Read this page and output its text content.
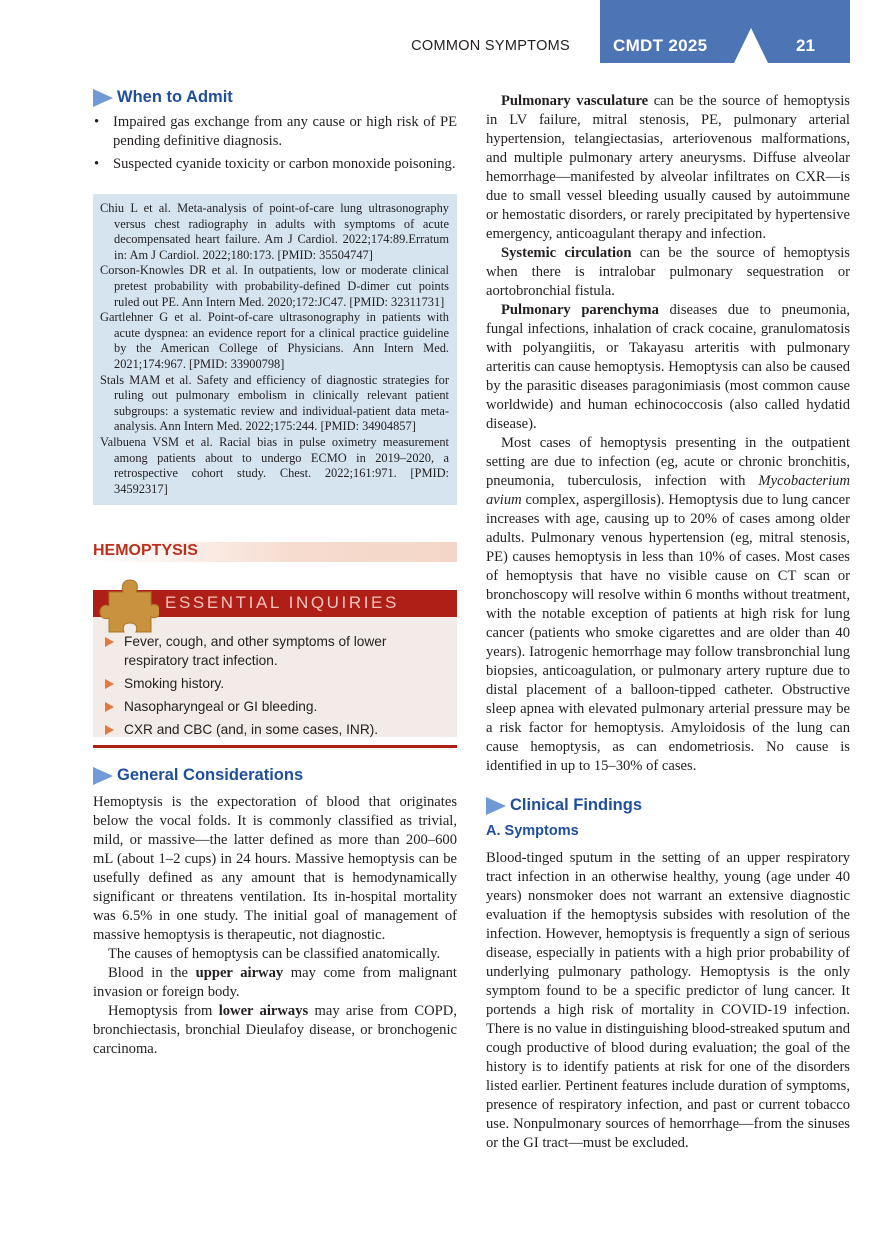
COMMON SYMPTOMS	CMDT 2025	21
When to Admit
• Impaired gas exchange from any cause or high risk of PE pending definitive diagnosis.
• Suspected cyanide toxicity or carbon monoxide poisoning.
Chiu L et al. Meta-analysis of point-of-care lung ultrasonography versus chest radiography in adults with symptoms of acute decompensated heart failure. Am J Cardiol. 2022;174:89.Erratum in: Am J Cardiol. 2022;180:173. [PMID: 35504747]
Corson-Knowles DR et al. In outpatients, low or moderate clinical pretest probability with probability-defined D-dimer cut points ruled out PE. Ann Intern Med. 2020;172:JC47. [PMID: 32311731]
Gartlehner G et al. Point-of-care ultrasonography in patients with acute dyspnea: an evidence report for a clinical practice guideline by the American College of Physicians. Ann Intern Med. 2021;174:967. [PMID: 33900798]
Stals MAM et al. Safety and efficiency of diagnostic strategies for ruling out pulmonary embolism in clinically relevant patient subgroups: a systematic review and individual-patient data meta-analysis. Ann Intern Med. 2022;175:244. [PMID: 34904857]
Valbuena VSM et al. Racial bias in pulse oximetry measurement among patients about to undergo ECMO in 2019–2020, a retrospective cohort study. Chest. 2022;161:971. [PMID: 34592317]
HEMOPTYSIS
ESSENTIAL INQUIRIES
Fever, cough, and other symptoms of lower respiratory tract infection.
Smoking history.
Nasopharyngeal or GI bleeding.
CXR and CBC (and, in some cases, INR).
General Considerations

Hemoptysis is the expectoration of blood that originates below the vocal folds. It is commonly classified as trivial, mild, or massive—the latter defined as more than 200–600 mL (about 1–2 cups) in 24 hours. Massive hemoptysis can be usefully defined as any amount that is hemodynamically significant or threatens ventilation. Its in-hospital mortality was 6.5% in one study. The initial goal of management of massive hemoptysis is therapeutic, not diagnostic.

The causes of hemoptysis can be classified anatomically.

Blood in the upper airway may come from malignant invasion or foreign body.

Hemoptysis from lower airways may arise from COPD, bronchiectasis, bronchial Dieulafoy disease, or bronchogenic carcinoma.

Pulmonary vasculature can be the source of hemoptysis in LV failure, mitral stenosis, PE, pulmonary arterial hypertension, telangiectasias, arteriovenous malformations, and multiple pulmonary artery aneurysms. Diffuse alveolar hemorrhage—manifested by alveolar infiltrates on CXR—is due to small vessel bleeding usually caused by autoimmune or hemostatic disorders, or rarely precipitated by hypertensive emergency, anticoagulant therapy and infection.

Systemic circulation can be the source of hemoptysis when there is intralobar pulmonary sequestration or aortobronchial fistula.

Pulmonary parenchyma diseases due to pneumonia, fungal infections, inhalation of crack cocaine, granulomatosis with polyangiitis, or Takayasu arteritis with pulmonary arteritis can cause hemoptysis. Hemoptysis can also be caused by the parasitic diseases paragonimiasis (most common cause worldwide) and human echinococcosis (also called hydatid disease).

Most cases of hemoptysis presenting in the outpatient setting are due to infection (eg, acute or chronic bronchitis, pneumonia, tuberculosis, infection with Mycobacterium avium complex, aspergillosis). Hemoptysis due to lung cancer increases with age, causing up to 20% of cases among older adults. Pulmonary venous hypertension (eg, mitral stenosis, PE) causes hemoptysis in less than 10% of cases. Most cases of hemoptysis that have no visible cause on CT scan or bronchoscopy will resolve within 6 months without treatment, with the notable exception of patients at high risk for lung cancer (patients who smoke cigarettes and are older than 40 years). Iatrogenic hemorrhage may follow transbronchial lung biopsies, anticoagulation, or pulmonary artery rupture due to distal placement of a balloon-tipped catheter. Obstructive sleep apnea with elevated pulmonary arterial pressure may be a risk factor for hemoptysis. Amyloidosis of the lung can cause hemoptysis, as can endometriosis. No cause is identified in up to 15–30% of cases.

Clinical Findings
A. Symptoms

Blood-tinged sputum in the setting of an upper respiratory tract infection in an otherwise healthy, young (age under 40 years) nonsmoker does not warrant an extensive diagnostic evaluation if the hemoptysis subsides with resolution of the infection. However, hemoptysis is frequently a sign of serious disease, especially in patients with a high prior probability of underlying pulmonary pathology. Hemoptysis is the only symptom found to be a specific predictor of lung cancer. It portends a high risk of mortality in COVID-19 infection. There is no value in distinguishing blood-streaked sputum and cough productive of blood during evaluation; the goal of the history is to identify patients at risk for one of the disorders listed earlier. Pertinent features include duration of symptoms, presence of respiratory infection, and past or current tobacco use. Nonpulmonary sources of hemorrhage—from the sinuses or the GI tract—must be excluded.
